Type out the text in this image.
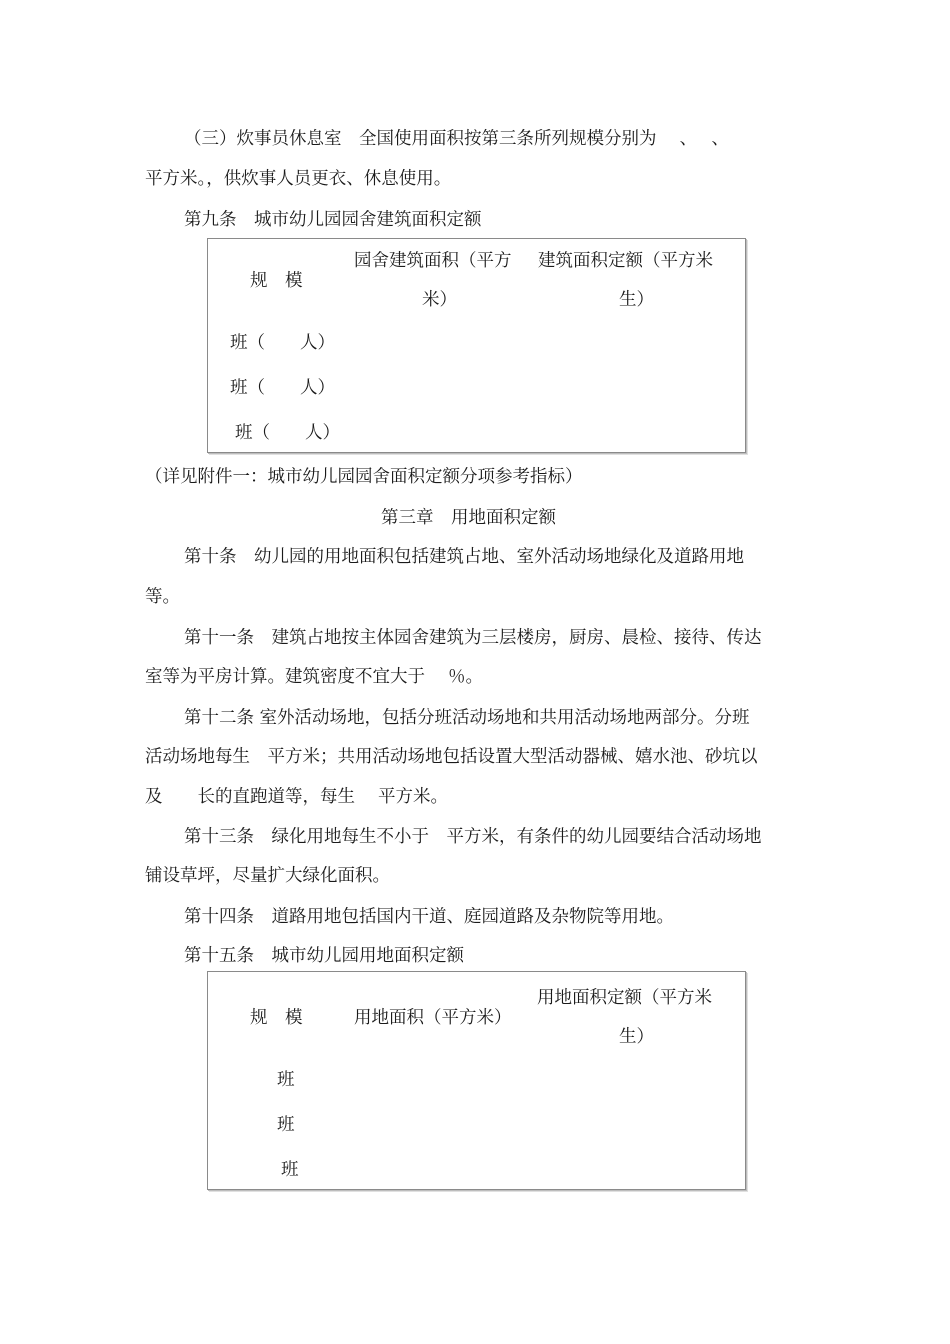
（三）炊事员休息室　全国使用面积按第三条所列规模分别为　 、　 、
平方米。，供炊事人员更衣、休息使用。
第九条　城市幼儿园园舍建筑面积定额
规　模
园舍建筑面积（平方
米）
建筑面积定额（平方米
生）
班（　　人）
班（　　人）
班（　　人）
（详见附件一：城市幼儿园园舍面积定额分项参考指标）
第三章　用地面积定额
第十条　幼儿园的用地面积包括建筑占地、室外活动场地绿化及道路用地
等。
第十一条　建筑占地按主体园舍建筑为三层楼房，厨房、晨检、接待、传达
室等为平房计算。建筑密度不宜大于　 ％。
第十二条 室外活动场地，包括分班活动场地和共用活动场地两部分。分班
活动场地每生　平方米；共用活动场地包括设置大型活动器械、嬉水池、砂坑以
及　　长的直跑道等，每生　 平方米。
第十三条　绿化用地每生不小于　平方米，有条件的幼儿园要结合活动场地
铺设草坪，尽量扩大绿化面积。
第十四条　道路用地包括国内干道、庭园道路及杂物院等用地。
第十五条　城市幼儿园用地面积定额
规　模	用地面积（平方米）
用地面积定额（平方米
生）
班
班
班
